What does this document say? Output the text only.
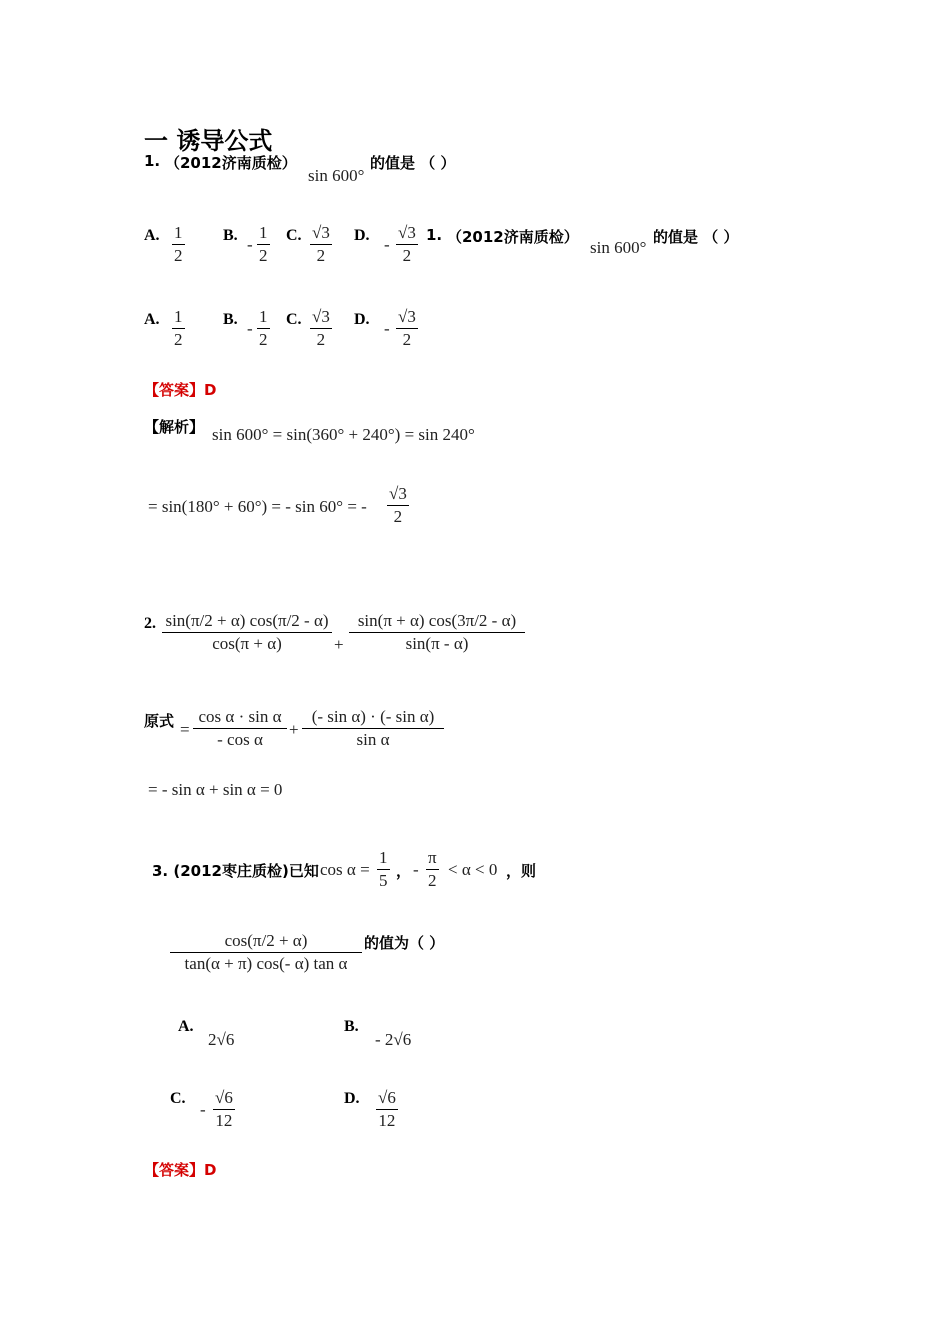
一 诱导公式
1. （2012济南质检）
sin 600°
的值是 （ ）
A. 1
2
B. -
1
2
C. √3
2
D. -
√3
2
1. （2012济南质检）
sin 600°
的值是 （ ）
A. 1
2
B. -
1
2
C. √3
2
D. -
√3
2
【答案】D
【解析】 sin 600° = sin(360° + 240°) = sin 240°
= sin(180° + 60°) = - sin 60° = -
√3
2
2. sin(π/2 + α) cos(π/2 - α)
cos(π + α)	+
sin(π + α) cos(3π/2 - α)
sin(π - α)
原式 =
cos α · sin α
- cos α
+
(- sin α) · (- sin α)
sin α
= - sin α + sin α = 0
3. (2012枣庄质检)已知 cos α =
1
5 ， -
π
2
< α < 0 ，则
cos(π/2 + α)
tan(α + π) cos(- α) tan α
的值为（ ）
A.
2√6
B.
- 2√6
C.
-
√6
12
D. √6
12
【答案】D
